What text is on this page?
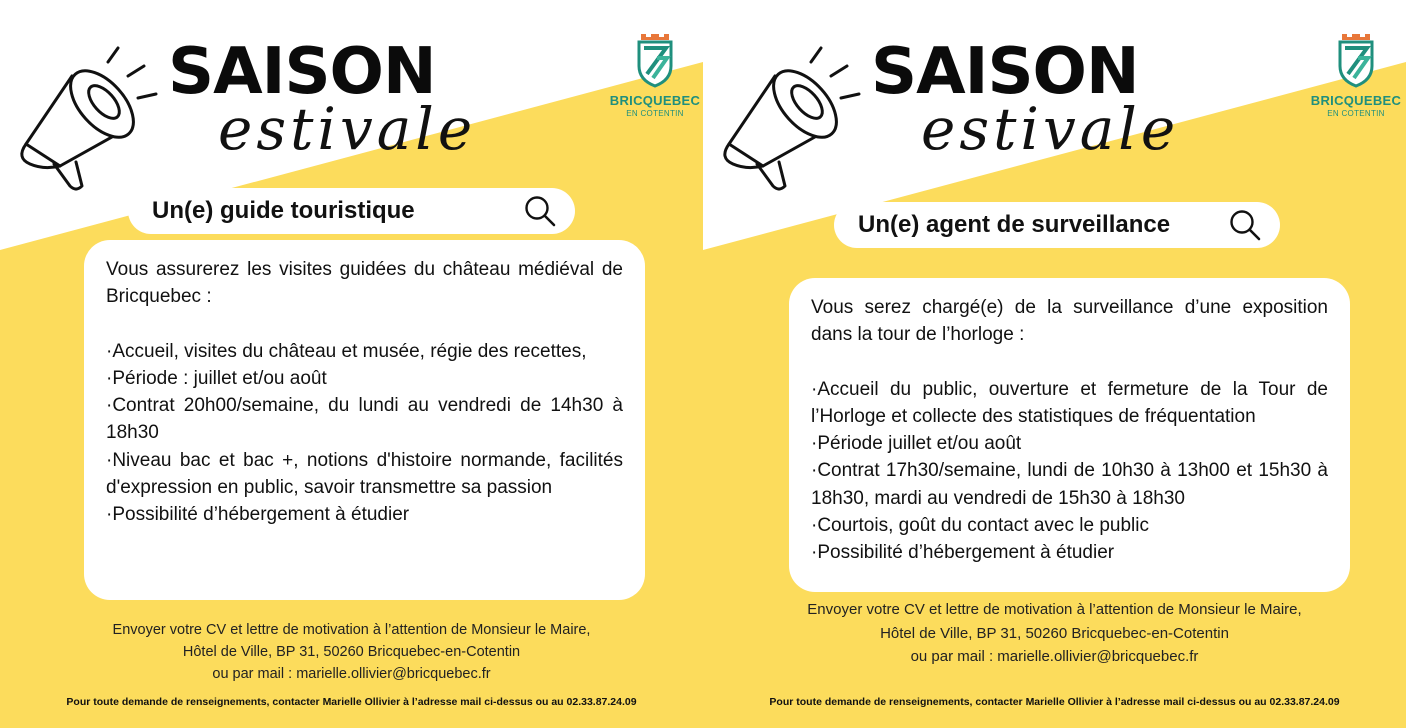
SAISON
estivale	BRICQUEBEC
EN COTENTIN
Un(e) guide touristique

Vous assurerez les visites guidées du château médiéval de Bricquebec :

·Accueil, visites du château et musée, régie des recettes,
·Période : juillet et/ou août
·Contrat 20h00/semaine, du lundi au vendredi de 14h30 à 18h30
·Niveau bac et bac +, notions d'histoire normande, facilités d'expression en public, savoir transmettre sa passion
·Possibilité d’hébergement à étudier
Envoyer votre CV et lettre de motivation à l’attention de Monsieur le Maire,
Hôtel de Ville, BP 31, 50260 Bricquebec-en-Cotentin
ou par mail : marielle.ollivier@bricquebec.fr
Pour toute demande de renseignements, contacter Marielle Ollivier à l’adresse mail ci-dessus ou au 02.33.87.24.09
SAISON
estivale	BRICQUEBEC
EN COTENTIN
Un(e) agent de surveillance

Vous serez chargé(e) de la surveillance d’une exposition dans la tour de l’horloge :

·Accueil du public, ouverture et fermeture de la Tour de l’Horloge et collecte des statistiques de fréquentation
·Période juillet et/ou août
·Contrat 17h30/semaine, lundi de 10h30 à 13h00 et 15h30 à 18h30, mardi au vendredi de 15h30 à 18h30
·Courtois, goût du contact avec le public
·Possibilité d’hébergement à étudier
Envoyer votre CV et lettre de motivation à l’attention de Monsieur le Maire,
Hôtel de Ville, BP 31, 50260 Bricquebec-en-Cotentin
ou par mail : marielle.ollivier@bricquebec.fr
Pour toute demande de renseignements, contacter Marielle Ollivier à l’adresse mail ci-dessus ou au 02.33.87.24.09
